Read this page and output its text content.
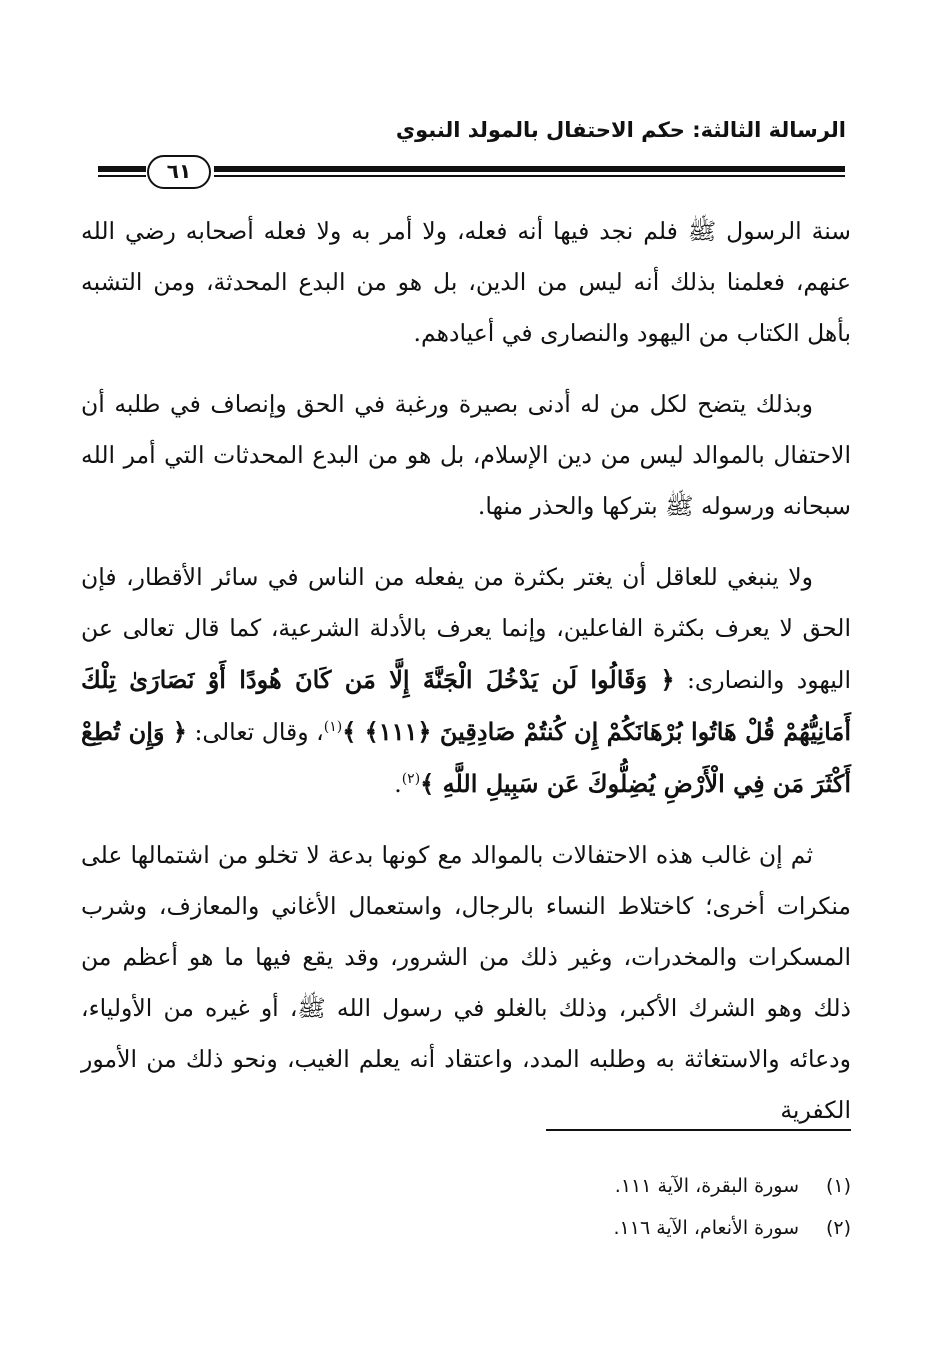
الرسالة الثالثة: حكم الاحتفال بالمولد النبوي
٦١

سنة الرسول ﷺ فلم نجد فيها أنه فعله، ولا أمر به ولا فعله أصحابه رضي الله عنهم، فعلمنا بذلك أنه ليس من الدين، بل هو من البدع المحدثة، ومن التشبه بأهل الكتاب من اليهود والنصارى في أعيادهم.

وبذلك يتضح لكل من له أدنى بصيرة ورغبة في الحق وإنصاف في طلبه أن الاحتفال بالموالد ليس من دين الإسلام، بل هو من البدع المحدثات التي أمر الله سبحانه ورسوله ﷺ بتركها والحذر منها.

ولا ينبغي للعاقل أن يغتر بكثرة من يفعله من الناس في سائر الأقطار، فإن الحق لا يعرف بكثرة الفاعلين، وإنما يعرف بالأدلة الشرعية، كما قال تعالى عن اليهود والنصارى: ﴿ وَقَالُوا لَن يَدْخُلَ الْجَنَّةَ إِلَّا مَن كَانَ هُودًا أَوْ نَصَارَىٰ تِلْكَ أَمَانِيُّهُمْ قُلْ هَاتُوا بُرْهَانَكُمْ إِن كُنتُمْ صَادِقِينَ ﴿١١١﴾ ﴾$^{(١)}$، وقال تعالى: ﴿ وَإِن تُطِعْ أَكْثَرَ مَن فِي الْأَرْضِ يُضِلُّوكَ عَن سَبِيلِ اللَّهِ ﴾$^{(٢)}$.

ثم إن غالب هذه الاحتفالات بالموالد مع كونها بدعة لا تخلو من اشتمالها على منكرات أخرى؛ كاختلاط النساء بالرجال، واستعمال الأغاني والمعازف، وشرب المسكرات والمخدرات، وغير ذلك من الشرور، وقد يقع فيها ما هو أعظم من ذلك وهو الشرك الأكبر، وذلك بالغلو في رسول الله ﷺ، أو غيره من الأولياء، ودعائه والاستغاثة به وطلبه المدد، واعتقاد أنه يعلم الغيب، ونحو ذلك من الأمور الكفرية

(١)سورة البقرة، الآية ١١١.
(٢)سورة الأنعام، الآية ١١٦.
